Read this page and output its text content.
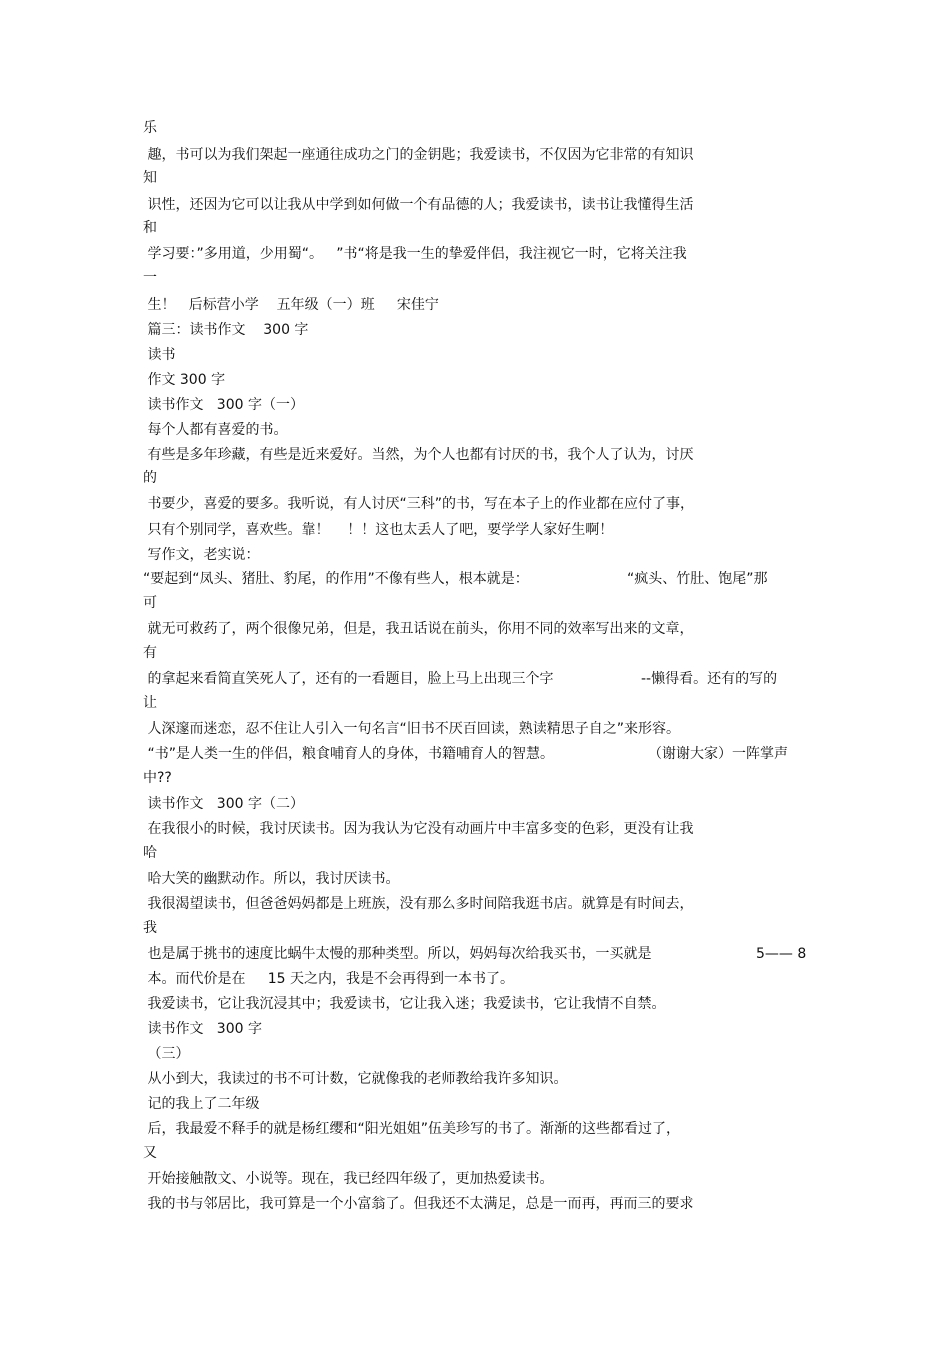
乐
趣，书可以为我们架起一座通往成功之门的金钥匙；我爱读书，不仅因为它非常的有知识
知
识性，还因为它可以让我从中学到如何做一个有品德的人；我爱读书，读书让我懂得生活
和
学习要：”多用道，少用蜀“。   ”书“将是我一生的挚爱伴侣，我注视它一时，它将关注我
一
生！   后标营小学    五年级（一）班     宋佳宁
篇三：读书作文    300 字
读书
作文 300 字
读书作文   300 字（一）
每个人都有喜爱的书。
有些是多年珍藏，有些是近来爱好。当然，为个人也都有讨厌的书，我个人了认为，讨厌
的
书要少，喜爱的要多。我听说，有人讨厌“三科”的书，写在本子上的作业都在应付了事，
只有个别同学，喜欢些。靠！    ！！这也太丢人了吧，要学学人家好生啊！
写作文，老实说：
“要起到“凤头、猪肚、豹尾，的作用”不像有些人，根本就是：	“疯头、竹肚、饱尾”那
可
就无可救药了，两个很像兄弟，但是，我丑话说在前头，你用不同的效率写出来的文章，
有
的拿起来看简直笑死人了，还有的一看题目，脸上马上出现三个字	--懒得看。还有的写的
让
人深邃而迷恋，忍不住让人引入一句名言“旧书不厌百回读，熟读精思子自之”来形容。
“书”是人类一生的伴侣，粮食哺育人的身体，书籍哺育人的智慧。	（谢谢大家）一阵掌声
中??
读书作文   300 字（二）
在我很小的时候，我讨厌读书。因为我认为它没有动画片中丰富多变的色彩，更没有让我
哈
哈大笑的幽默动作。所以，我讨厌读书。
我很渴望读书，但爸爸妈妈都是上班族，没有那么多时间陪我逛书店。就算是有时间去，
我
也是属于挑书的速度比蜗牛太慢的那种类型。所以，妈妈每次给我买书，一买就是	5—— 8
本。而代价是在     15 天之内，我是不会再得到一本书了。
我爱读书，它让我沉浸其中；我爱读书，它让我入迷；我爱读书，它让我情不自禁。
读书作文   300 字
（三）
从小到大，我读过的书不可计数，它就像我的老师教给我许多知识。
记的我上了二年级
后，我最爱不释手的就是杨红缨和“阳光姐姐”伍美珍写的书了。渐渐的这些都看过了，
又
开始接触散文、小说等。现在，我已经四年级了，更加热爱读书。
我的书与邻居比，我可算是一个小富翁了。但我还不太满足，总是一而再，再而三的要求
